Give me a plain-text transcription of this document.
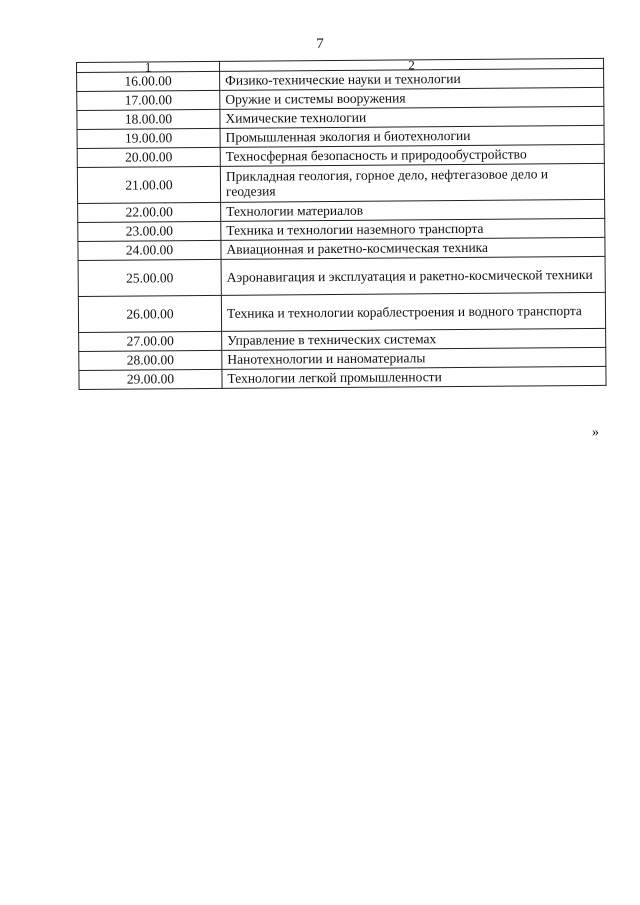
7
1	2
16.00.00	Физико-технические науки и технологии
17.00.00	Оружие и системы вооружения
18.00.00	Химические технологии
19.00.00	Промышленная экология и биотехнологии
20.00.00	Техносферная безопасность и природообустройство
21.00.00	Прикладная геология, горное дело, нефтегазовое дело и геодезия
22.00.00	Технологии материалов
23.00.00	Техника и технологии наземного транспорта
24.00.00	Авиационная и ракетно-космическая техника
25.00.00	Аэронавигация и эксплуатация и ракетно-космической техники
26.00.00	Техника и технологии кораблестроения и водного транспорта
27.00.00	Управление в технических системах
28.00.00	Нанотехнологии и наноматериалы
29.00.00	Технологии легкой промышленности
»
